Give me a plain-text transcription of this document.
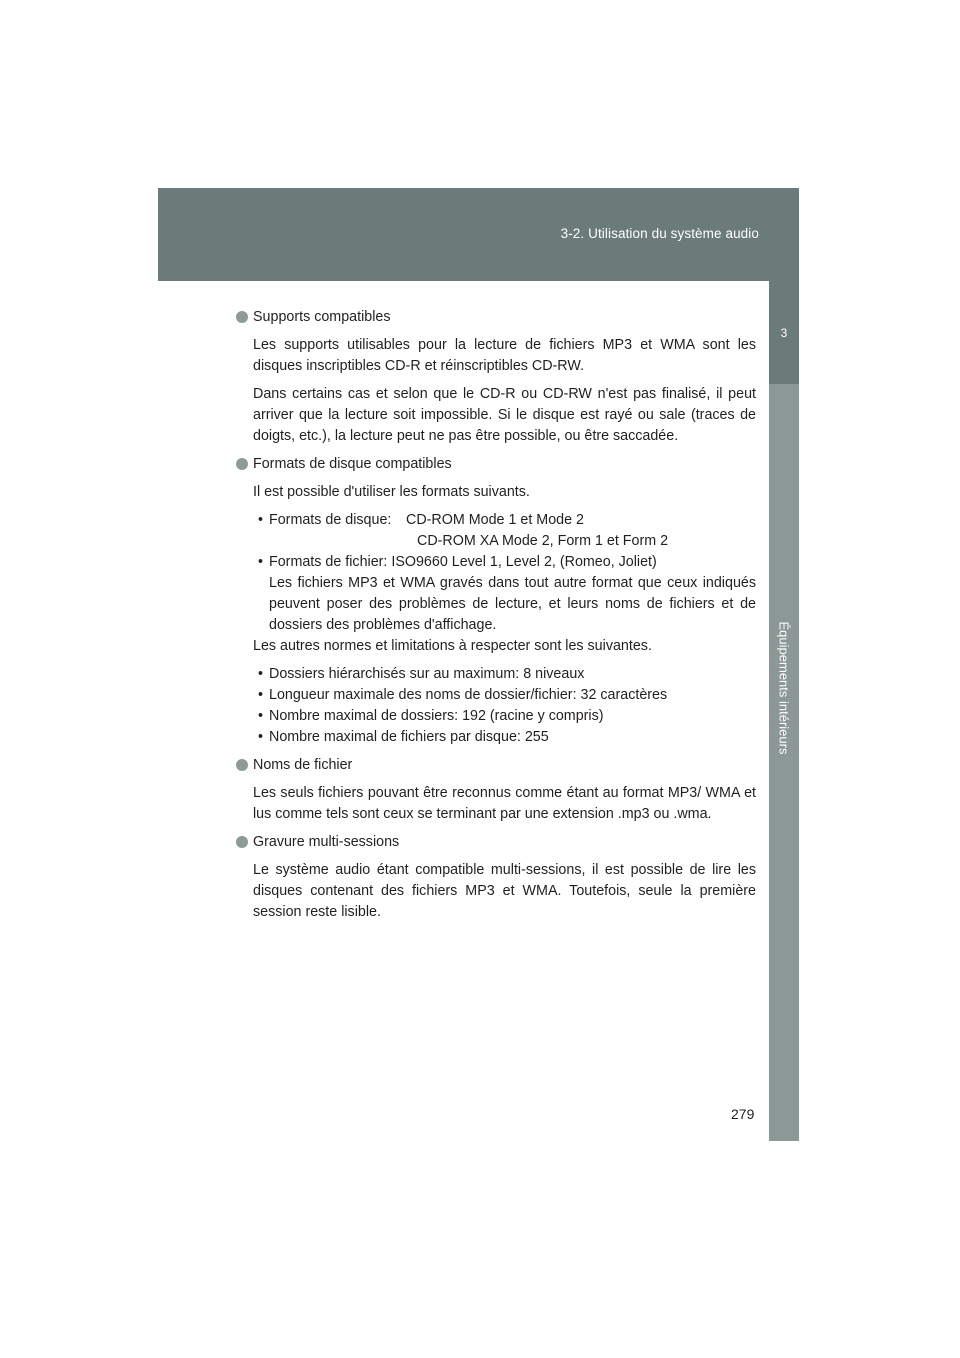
3-2. Utilisation du système audio
3
Équipements intérieurs
Supports compatibles

Les supports utilisables pour la lecture de fichiers MP3 et WMA sont les disques inscriptibles CD-R et réinscriptibles CD-RW.

Dans certains cas et selon que le CD-R ou CD-RW n'est pas finalisé, il peut arriver que la lecture soit impossible. Si le disque est rayé ou sale (traces de doigts, etc.), la lecture peut ne pas être possible, ou être saccadée.

Formats de disque compatibles

Il est possible d'utiliser les formats suivants.

• Formats de disque:	CD-ROM Mode 1 et Mode 2
CD-ROM XA Mode 2, Form 1 et Form 2
• Formats de fichier: ISO9660 Level 1, Level 2, (Romeo, Joliet)
Les fichiers MP3 et WMA gravés dans tout autre format que ceux indiqués peuvent poser des problèmes de lecture, et leurs noms de fichiers et de dossiers des problèmes d'affichage.

Les autres normes et limitations à respecter sont les suivantes.

• Dossiers hiérarchisés sur au maximum: 8 niveaux
• Longueur maximale des noms de dossier/fichier: 32 caractères
• Nombre maximal de dossiers: 192 (racine y compris)
• Nombre maximal de fichiers par disque: 255
Noms de fichier

Les seuls fichiers pouvant être reconnus comme étant au format MP3/ WMA et lus comme tels sont ceux se terminant par une extension .mp3 ou .wma.

Gravure multi-sessions

Le système audio étant compatible multi-sessions, il est possible de lire les disques contenant des fichiers MP3 et WMA. Toutefois, seule la première session reste lisible.

279
